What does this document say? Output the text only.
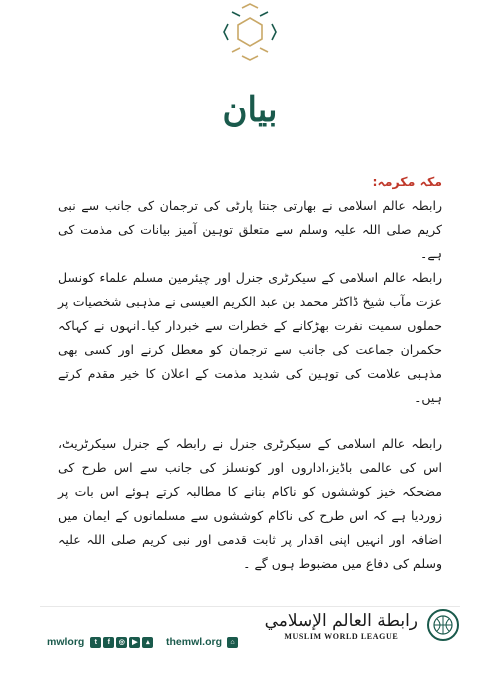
بیان

مکہ مکرمہ:

رابطہ عالم اسلامی نے بھارتی جنتا پارٹی کی ترجمان کی جانب سے نبی کریم صلی اللہ علیہ وسلم سے متعلق توہین آمیز بیانات کی مذمت کی ہے۔

رابطہ عالم اسلامی کے سیکرٹری جنرل اور چیئرمین مسلم علماء کونسل عزت مآب شیخ ڈاکٹر محمد بن عبد الکریم العیسی نے مذہبی شخصیات پر حملوں سمیت نفرت بھڑکانے کے خطرات سے خبردار کیا۔انہوں نے کہاکہ حکمران جماعت کی جانب سے ترجمان کو معطل کرنے اور کسی بھی مذہبی علامت کی توہین کی شدید مذمت کے اعلان کا خیر مقدم کرتے ہیں۔

رابطہ عالم اسلامی کے سیکرٹری جنرل نے رابطہ کے جنرل سیکرٹریٹ، اس کی عالمی باڈیز،اداروں اور کونسلز کی جانب سے اس طرح کی مضحکہ خیز کوششوں کو ناکام بنانے کا مطالبہ کرتے ہوئے اس بات پر زوردیا ہے کہ اس طرح کی ناکام کوششوں سے مسلمانوں کے ایمان میں اضافہ اور انہیں اپنی اقدار پر ثابت قدمی اور نبی کریم صلی اللہ علیہ وسلم کی دفاع میں مضبوط ہوں گے ۔

mwlorg	t	f	◎	▶	▴	themwl.org	⌂
رابطة العالم الإسلامي
MUSLIM WORLD LEAGUE
